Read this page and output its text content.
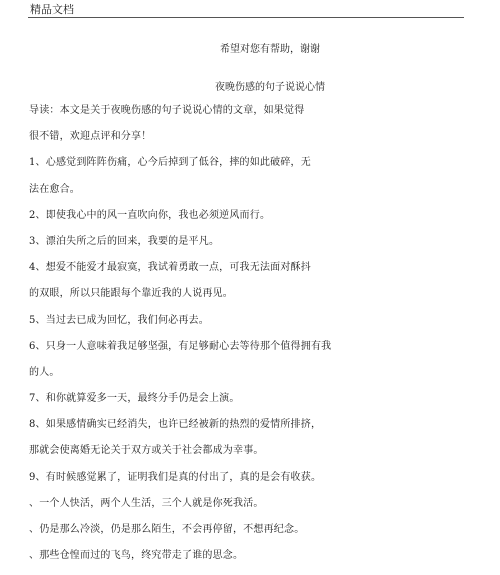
精品文档
希望对您有帮助，谢谢
夜晚伤感的句子说说心情
导读：本文是关于夜晚伤感的句子说说心情的文章，如果觉得
很不错，欢迎点评和分享！
1、心感觉到阵阵伤痛，心今后掉到了低谷，摔的如此破碎，无
法在愈合。
2、即使我心中的风一直吹向你，我也必须逆风而行。
3、漂泊失所之后的回来，我要的是平凡。
4、想爱不能爱才最寂寞，我试着勇敢一点，可我无法面对酥抖
的双眼，所以只能跟每个靠近我的人说再见。
5、当过去已成为回忆，我们何必再去。
6、只身一人意味着我足够坚强，有足够耐心去等待那个值得拥有我
的人。
7、和你就算爱多一天，最终分手仍是会上演。
8、如果感情确实已经消失，也许已经被新的热烈的爱情所排挤，
那就会使离婚无论关于双方或关于社会都成为幸事。
9、有时候感觉累了，证明我们是真的付出了，真的是会有收获。
、一个人快活，两个人生活，三个人就是你死我活。
、仍是那么冷淡，仍是那么陌生，不会再停留，不想再纪念。
、那些仓惶而过的飞鸟，终究带走了谁的思念。
